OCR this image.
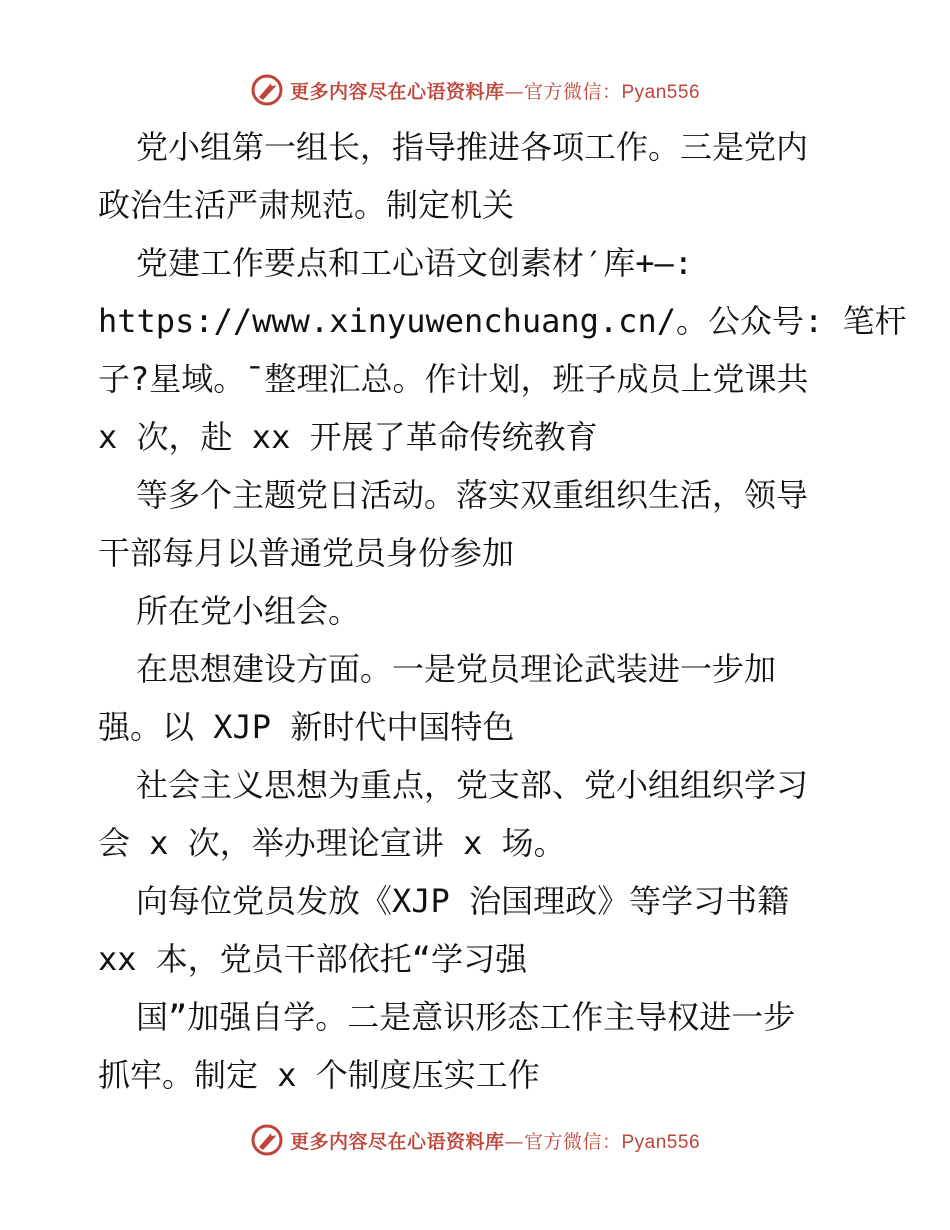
更多内容尽在心语资料库—官方微信：Pyan556
党小组第一组长，指导推进各项工作。三是党内
政治生活严肃规范。制定机关
党建工作要点和工心语文创素材′库+—:
https://www.xinyuwenchuang.cn/。公众号: 笔杆
子?星域。¯整理汇总。作计划，班子成员上党课共
x 次，赴 xx 开展了革命传统教育
等多个主题党日活动。落实双重组织生活，领导
干部每月以普通党员身份参加
所在党小组会。
在思想建设方面。一是党员理论武装进一步加
强。以 XJP 新时代中国特色
社会主义思想为重点，党支部、党小组组织学习
会 x 次，举办理论宣讲 x 场。
向每位党员发放《XJP 治国理政》等学习书籍
xx 本，党员干部依托“学习强
国”加强自学。二是意识形态工作主导权进一步
抓牢。制定 x 个制度压实工作
更多内容尽在心语资料库—官方微信：Pyan556
